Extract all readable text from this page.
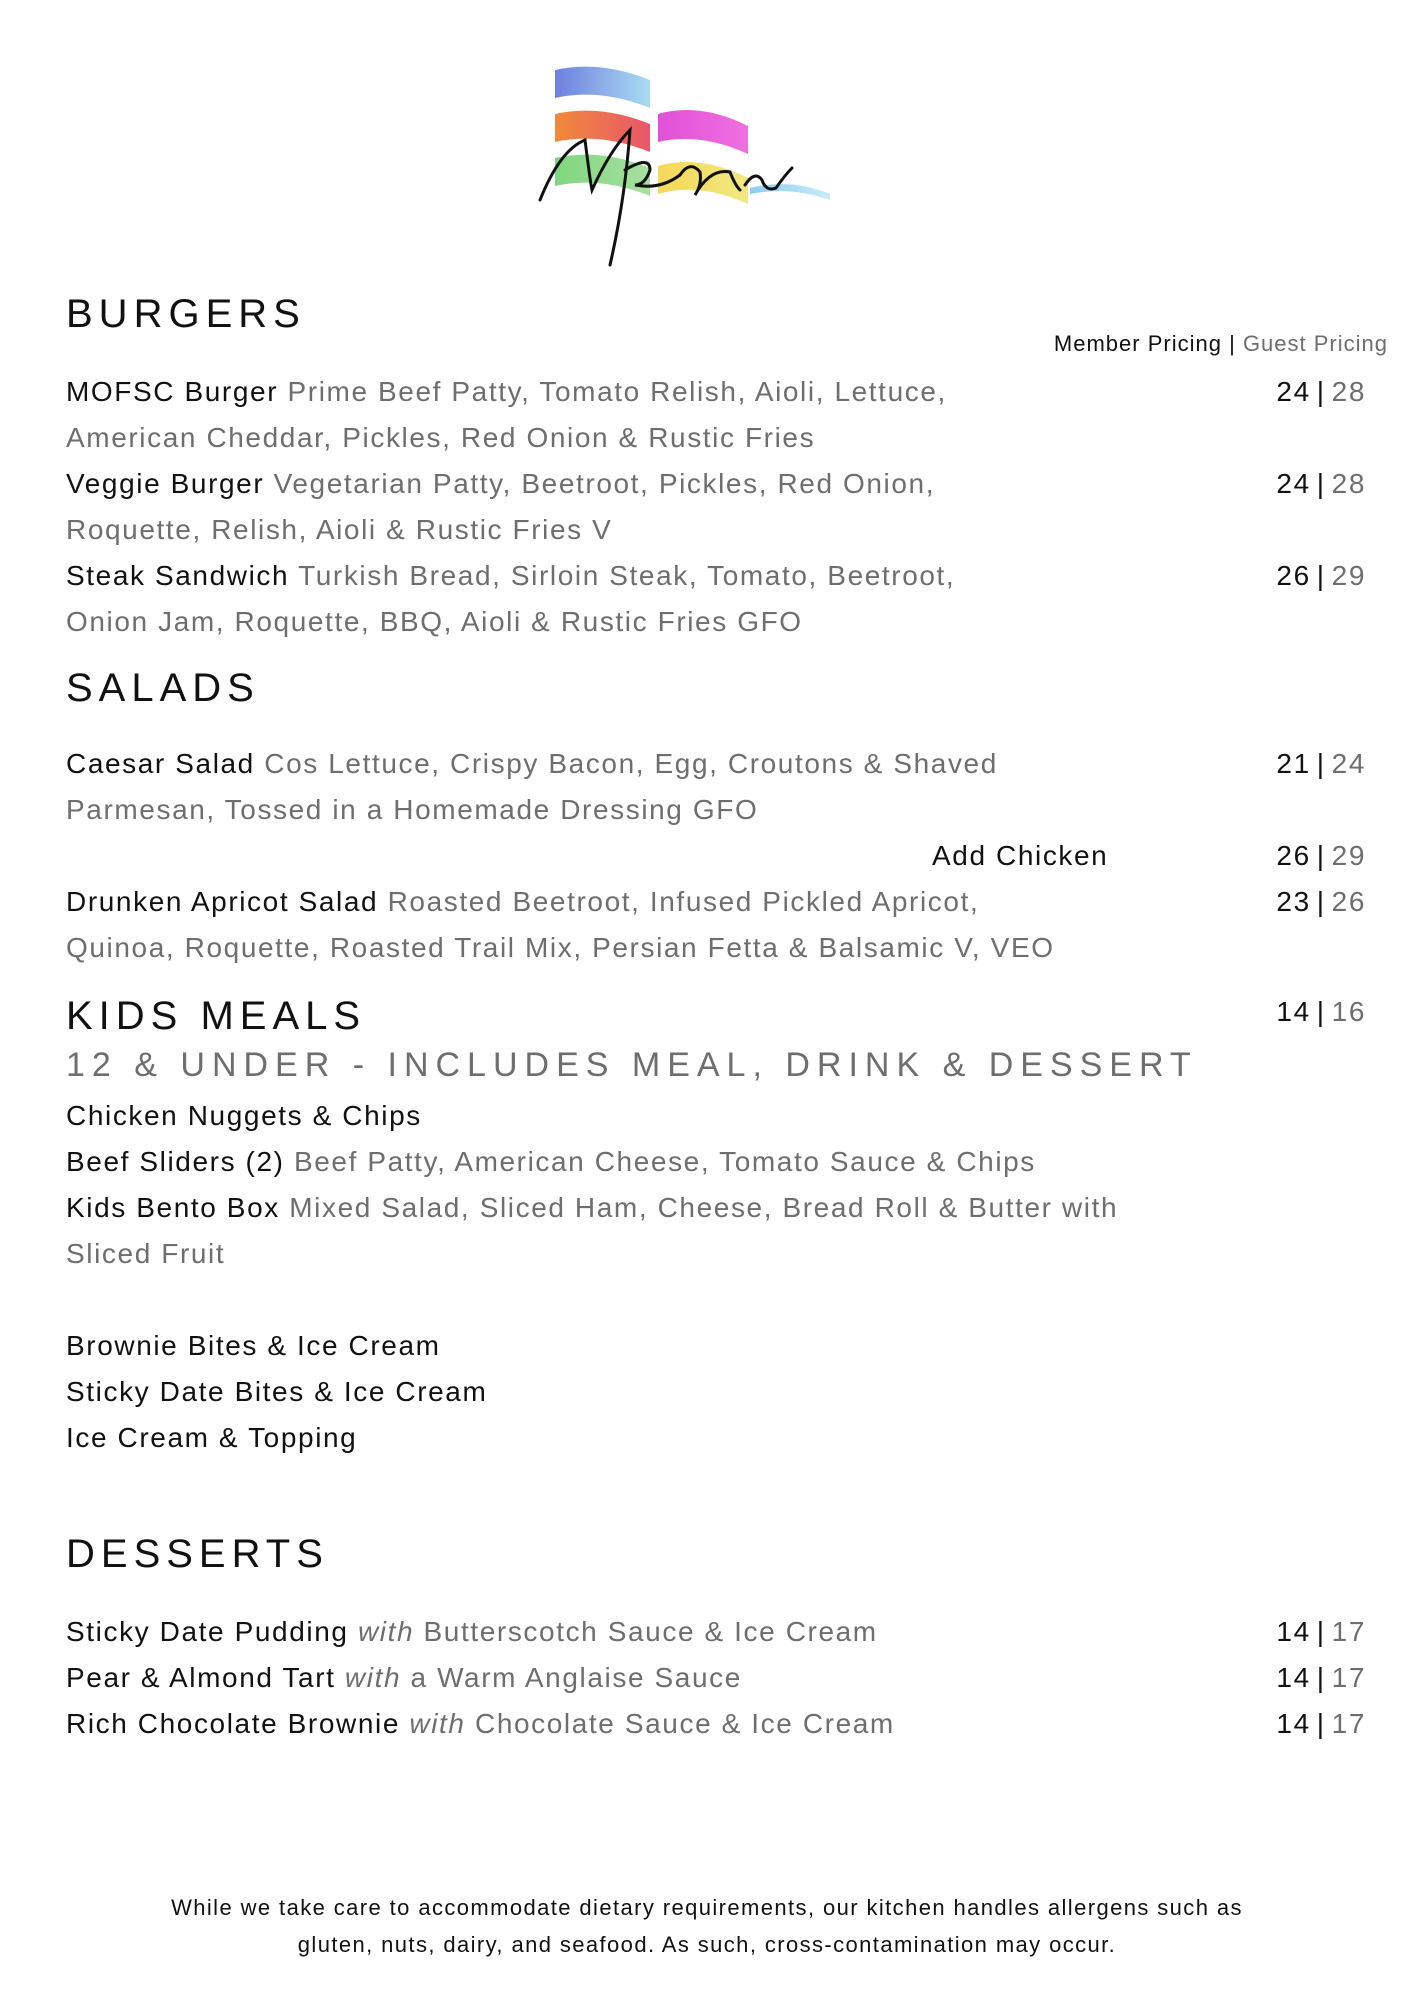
Member Pricing | Guest Pricing
BURGERS
MOFSC Burger Prime Beef Patty, Tomato Relish, Aioli, Lettuce,
American Cheddar, Pickles, Red Onion & Rustic Fries
24 | 28
Veggie Burger Vegetarian Patty, Beetroot, Pickles, Red Onion,
Roquette, Relish, Aioli & Rustic Fries V
24 | 28
Steak Sandwich Turkish Bread, Sirloin Steak, Tomato, Beetroot,
Onion Jam, Roquette, BBQ, Aioli & Rustic Fries GFO
26 | 29
SALADS
Caesar Salad Cos Lettuce, Crispy Bacon, Egg, Croutons & Shaved
Parmesan, Tossed in a Homemade Dressing GFO
21 | 24
Add Chicken	26 | 29
Drunken Apricot Salad Roasted Beetroot, Infused Pickled Apricot,
Quinoa, Roquette, Roasted Trail Mix, Persian Fetta & Balsamic V, VEO
23 | 26
KIDS MEALS	14 | 16
12 & UNDER - INCLUDES MEAL, DRINK & DESSERT
Chicken Nuggets & Chips
Beef Sliders (2) Beef Patty, American Cheese, Tomato Sauce & Chips
Kids Bento Box Mixed Salad, Sliced Ham, Cheese, Bread Roll & Butter with
Sliced Fruit
Brownie Bites & Ice Cream
Sticky Date Bites & Ice Cream
Ice Cream & Topping
DESSERTS
Sticky Date Pudding with Butterscotch Sauce & Ice Cream	14 | 17
Pear & Almond Tart with a Warm Anglaise Sauce	14 | 17
Rich Chocolate Brownie with Chocolate Sauce & Ice Cream	14 | 17
While we take care to accommodate dietary requirements, our kitchen handles allergens such as
gluten, nuts, dairy, and seafood. As such, cross-contamination may occur.
